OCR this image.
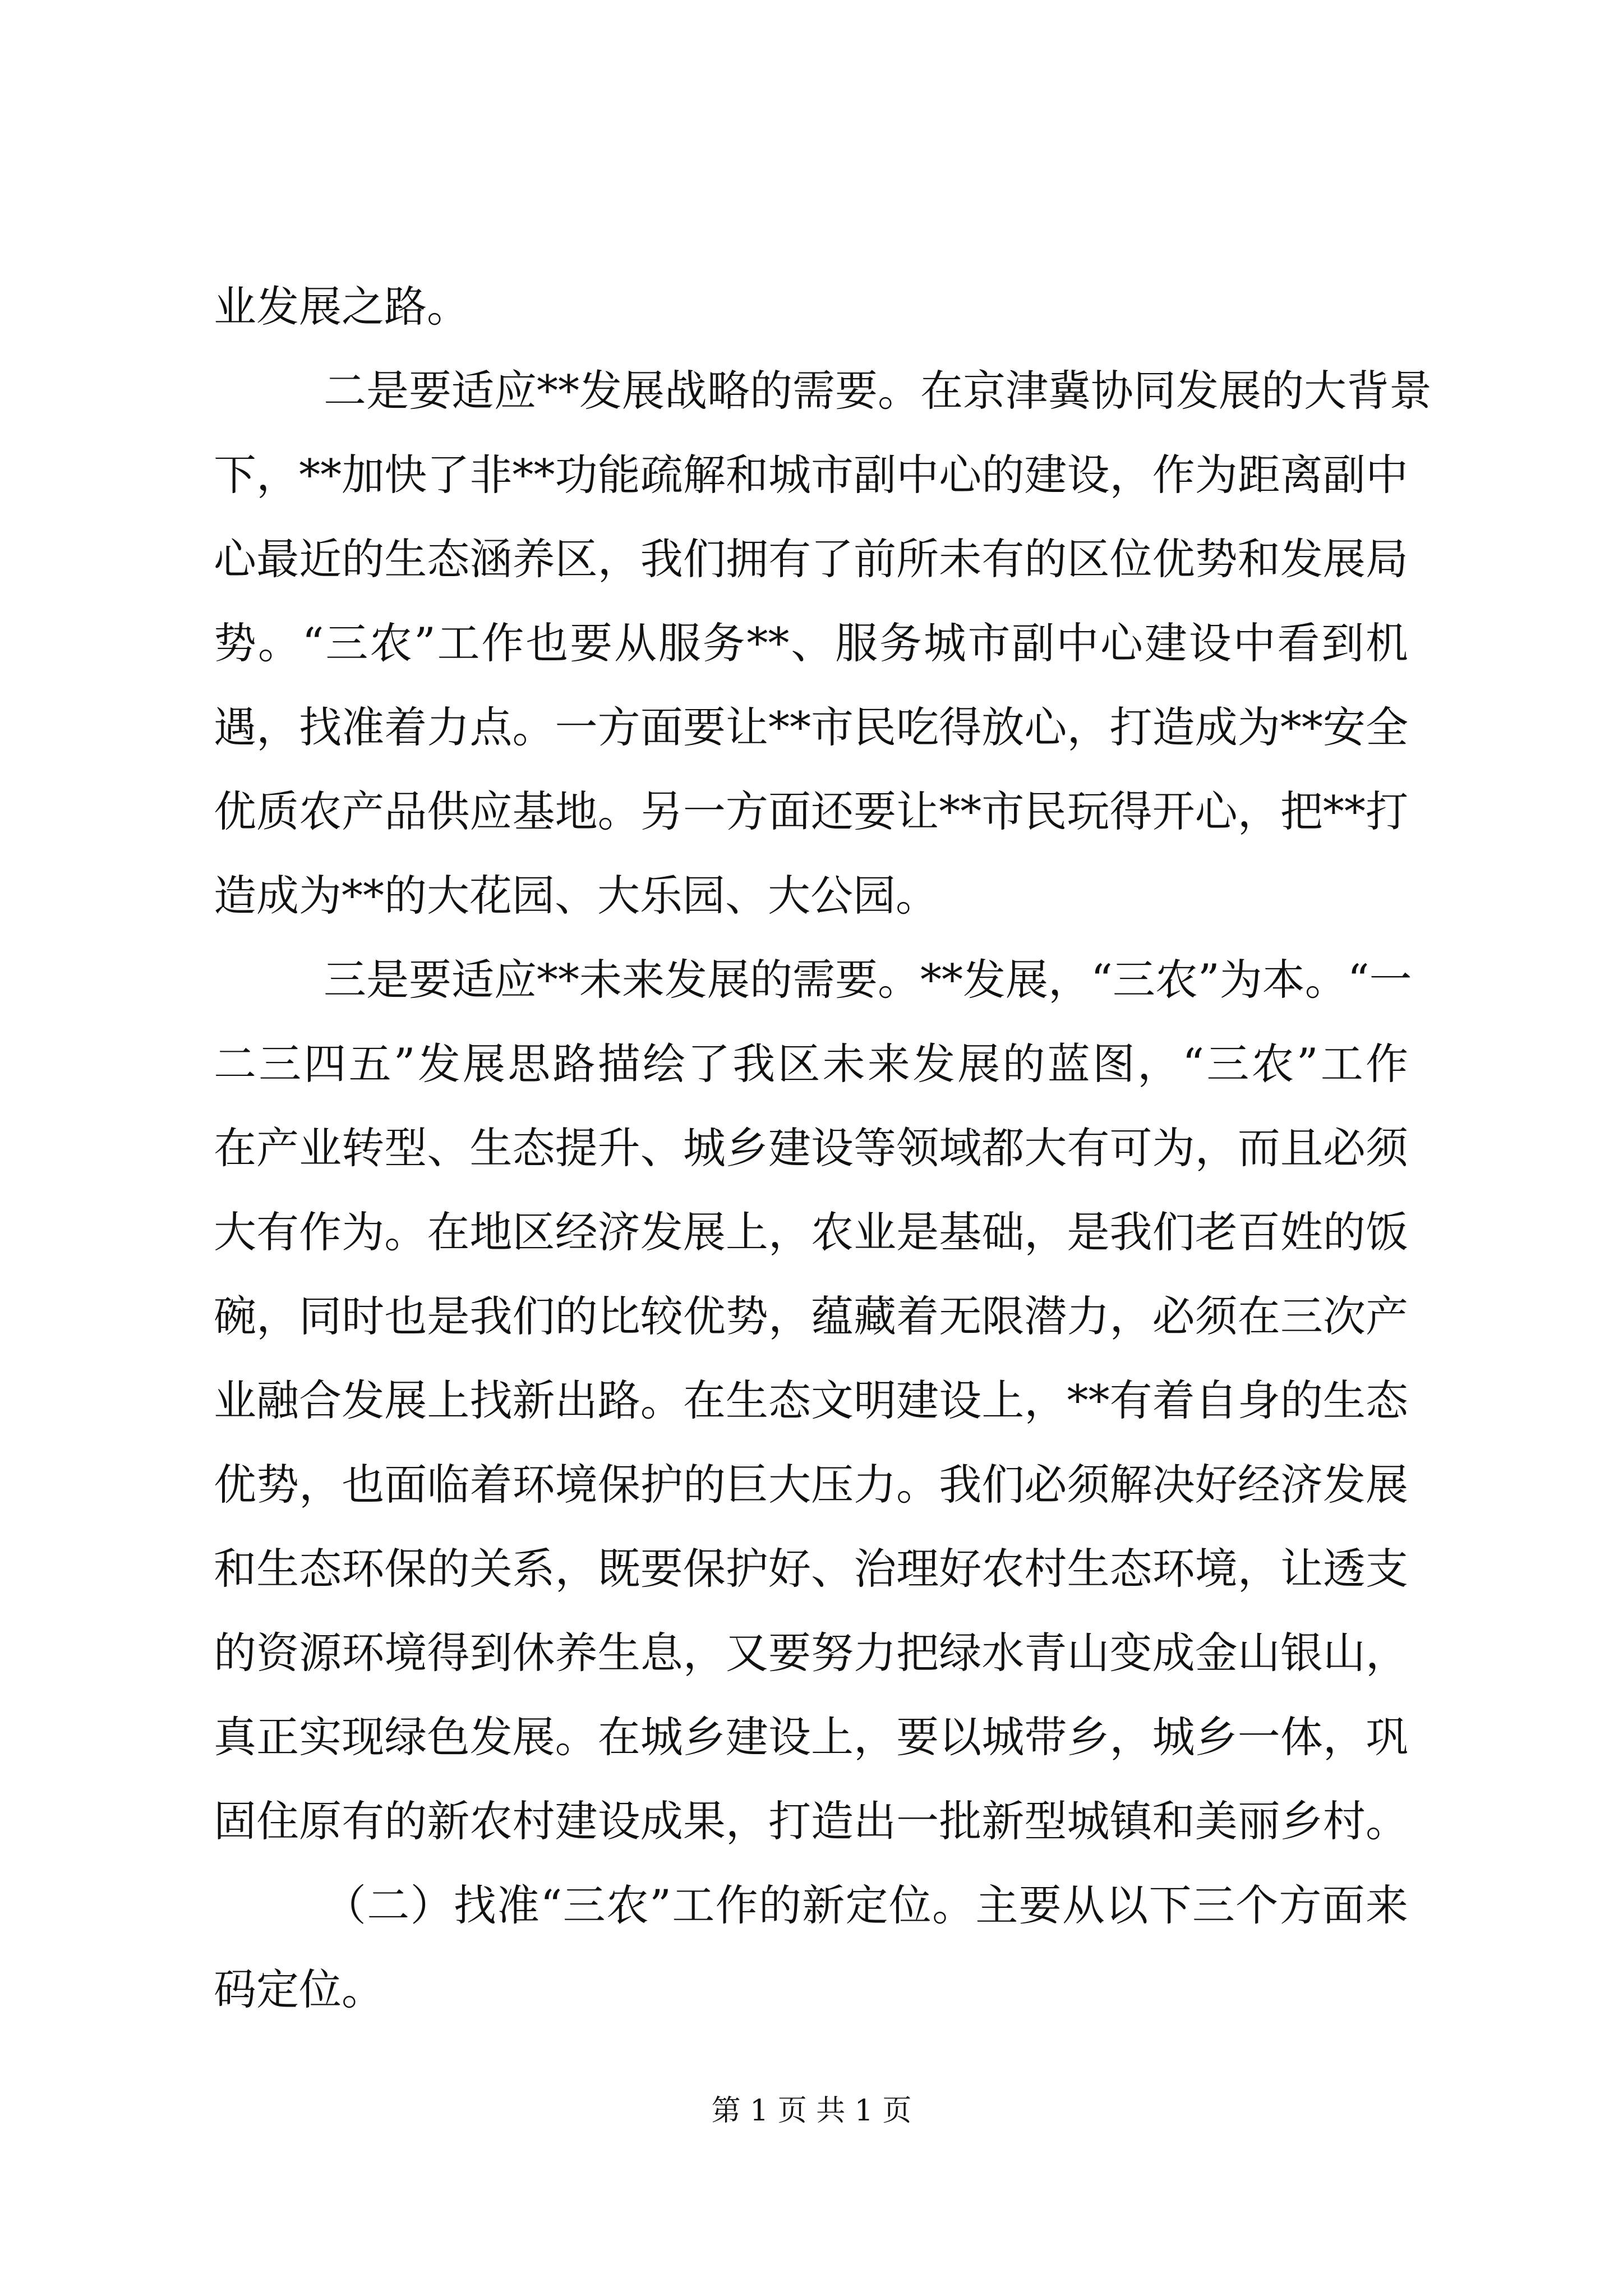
业发展之路。
二是要适应**发展战略的需要。在京津冀协同发展的大背景
下，**加快了非**功能疏解和城市副中心的建设，作为距离副中
心最近的生态涵养区，我们拥有了前所未有的区位优势和发展局
势。“三农”工作也要从服务**、服务城市副中心建设中看到机
遇，找准着力点。一方面要让**市民吃得放心，打造成为**安全
优质农产品供应基地。另一方面还要让**市民玩得开心，把**打
造成为**的大花园、大乐园、大公园。
三是要适应**未来发展的需要。**发展，“三农”为本。“一
二三四五”发展思路描绘了我区未来发展的蓝图，“三农”工作
在产业转型、生态提升、城乡建设等领域都大有可为，而且必须
大有作为。在地区经济发展上，农业是基础，是我们老百姓的饭
碗，同时也是我们的比较优势，蕴藏着无限潜力，必须在三次产
业融合发展上找新出路。在生态文明建设上，**有着自身的生态
优势，也面临着环境保护的巨大压力。我们必须解决好经济发展
和生态环保的关系，既要保护好、治理好农村生态环境，让透支
的资源环境得到休养生息，又要努力把绿水青山变成金山银山，
真正实现绿色发展。在城乡建设上，要以城带乡，城乡一体，巩
固住原有的新农村建设成果，打造出一批新型城镇和美丽乡村。
（二）找准“三农”工作的新定位。主要从以下三个方面来
码定位。
第 1 页 共 1 页
